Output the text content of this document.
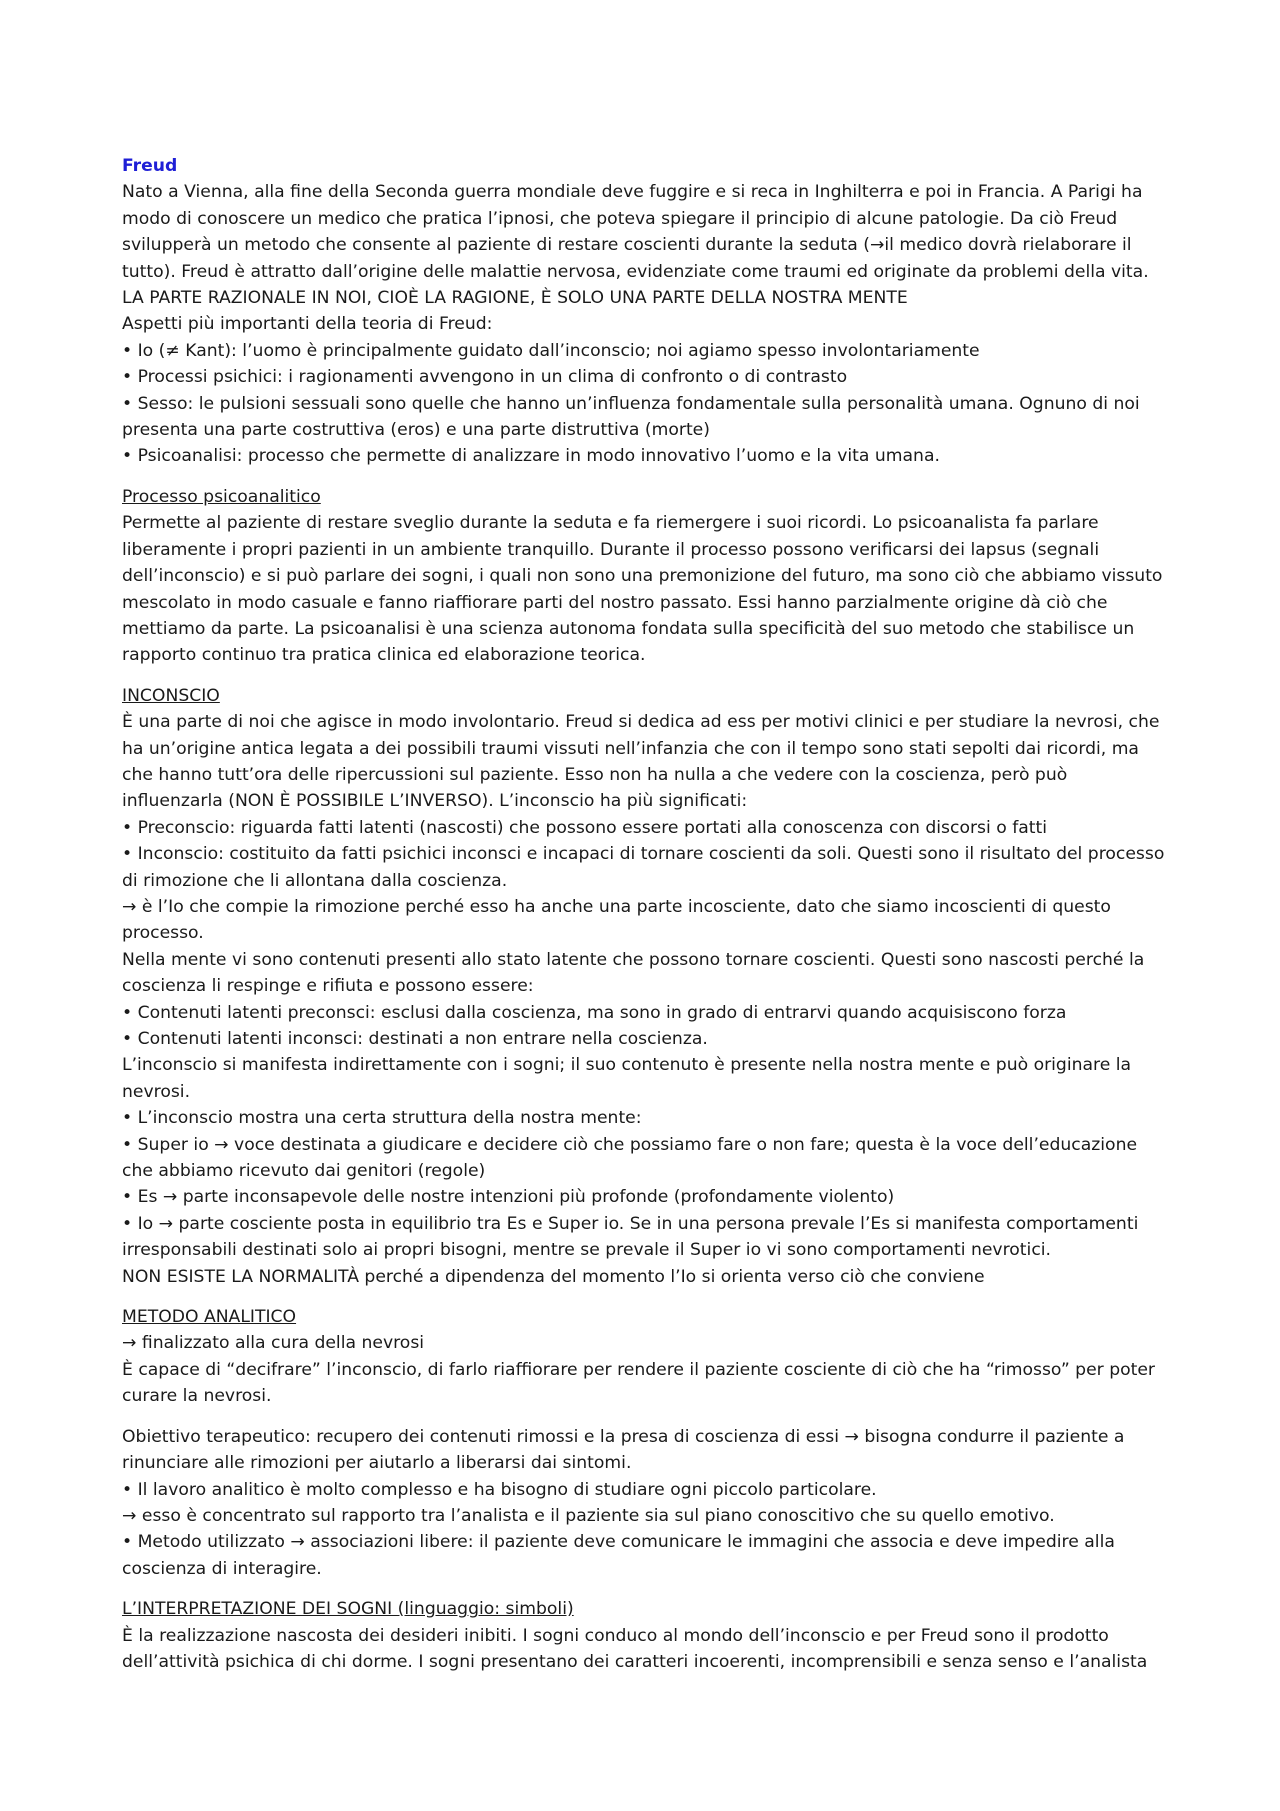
Freud

Nato a Vienna, alla fine della Seconda guerra mondiale deve fuggire e si reca in Inghilterra e poi in Francia. A Parigi ha modo di conoscere un medico che pratica l’ipnosi, che poteva spiegare il principio di alcune patologie. Da ciò Freud svilupperà un metodo che consente al paziente di restare coscienti durante la seduta (→il medico dovrà rielaborare il tutto). Freud è attratto dall’origine delle malattie nervosa, evidenziate come traumi ed originate da problemi della vita.

LA PARTE RAZIONALE IN NOI, CIOÈ LA RAGIONE, È SOLO UNA PARTE DELLA NOSTRA MENTE

Aspetti più importanti della teoria di Freud:

• Io (≠ Kant): l’uomo è principalmente guidato dall’inconscio; noi agiamo spesso involontariamente

• Processi psichici: i ragionamenti avvengono in un clima di confronto o di contrasto

• Sesso: le pulsioni sessuali sono quelle che hanno un’influenza fondamentale sulla personalità umana. Ognuno di noi presenta una parte costruttiva (eros) e una parte distruttiva (morte)

• Psicoanalisi: processo che permette di analizzare in modo innovativo l’uomo e la vita umana.

Processo psicoanalitico

Permette al paziente di restare sveglio durante la seduta e fa riemergere i suoi ricordi. Lo psicoanalista fa parlare liberamente i propri pazienti in un ambiente tranquillo. Durante il processo possono verificarsi dei lapsus (segnali dell’inconscio) e si può parlare dei sogni, i quali non sono una premonizione del futuro, ma sono ciò che abbiamo vissuto mescolato in modo casuale e fanno riaffiorare parti del nostro passato. Essi hanno parzialmente origine dà ciò che mettiamo da parte. La psicoanalisi è una scienza autonoma fondata sulla specificità del suo metodo che stabilisce un rapporto continuo tra pratica clinica ed elaborazione teorica.

INCONSCIO

È una parte di noi che agisce in modo involontario. Freud si dedica ad ess per motivi clinici e per studiare la nevrosi, che ha un’origine antica legata a dei possibili traumi vissuti nell’infanzia che con il tempo sono stati sepolti dai ricordi, ma che hanno tutt’ora delle ripercussioni sul paziente. Esso non ha nulla a che vedere con la coscienza, però può influenzarla (NON È POSSIBILE L’INVERSO). L’inconscio ha più significati:

• Preconscio: riguarda fatti latenti (nascosti) che possono essere portati alla conoscenza con discorsi o fatti

• Inconscio: costituito da fatti psichici inconsci e incapaci di tornare coscienti da soli. Questi sono il risultato del processo di rimozione che li allontana dalla coscienza.

→ è l’Io che compie la rimozione perché esso ha anche una parte incosciente, dato che siamo incoscienti di questo processo.

Nella mente vi sono contenuti presenti allo stato latente che possono tornare coscienti. Questi sono nascosti perché la coscienza li respinge e rifiuta e possono essere:

• Contenuti latenti preconsci: esclusi dalla coscienza, ma sono in grado di entrarvi quando acquisiscono forza

• Contenuti latenti inconsci: destinati a non entrare nella coscienza.

L’inconscio si manifesta indirettamente con i sogni; il suo contenuto è presente nella nostra mente e può originare la nevrosi.

• L’inconscio mostra una certa struttura della nostra mente:

• Super io → voce destinata a giudicare e decidere ciò che possiamo fare o non fare; questa è la voce dell’educazione che abbiamo ricevuto dai genitori (regole)

• Es → parte inconsapevole delle nostre intenzioni più profonde (profondamente violento)

• Io → parte cosciente posta in equilibrio tra Es e Super io. Se in una persona prevale l’Es si manifesta comportamenti irresponsabili destinati solo ai propri bisogni, mentre se prevale il Super io vi sono comportamenti nevrotici.

NON ESISTE LA NORMALITÀ perché a dipendenza del momento l’Io si orienta verso ciò che conviene

METODO ANALITICO

→ finalizzato alla cura della nevrosi

È capace di “decifrare” l’inconscio, di farlo riaffiorare per rendere il paziente cosciente di ciò che ha “rimosso” per poter curare la nevrosi.

Obiettivo terapeutico: recupero dei contenuti rimossi e la presa di coscienza di essi → bisogna condurre il paziente a rinunciare alle rimozioni per aiutarlo a liberarsi dai sintomi.

• Il lavoro analitico è molto complesso e ha bisogno di studiare ogni piccolo particolare.

→ esso è concentrato sul rapporto tra l’analista e il paziente sia sul piano conoscitivo che su quello emotivo.

• Metodo utilizzato → associazioni libere: il paziente deve comunicare le immagini che associa e deve impedire alla coscienza di interagire.

L’INTERPRETAZIONE DEI SOGNI (linguaggio: simboli)

È la realizzazione nascosta dei desideri inibiti. I sogni conduco al mondo dell’inconscio e per Freud sono il prodotto dell’attività psichica di chi dorme. I sogni presentano dei caratteri incoerenti, incomprensibili e senza senso e l’analista
